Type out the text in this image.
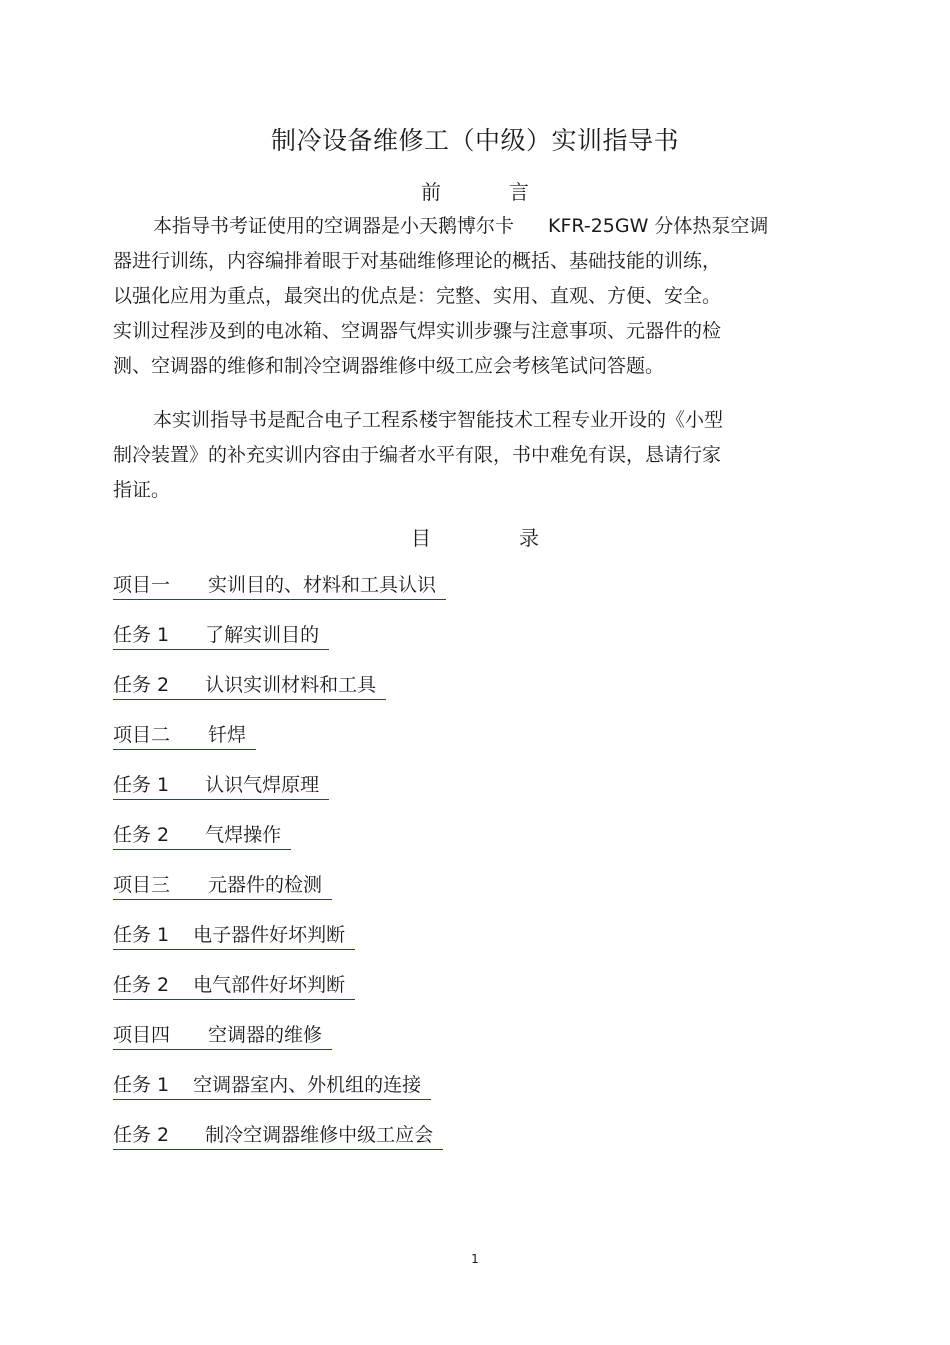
制冷设备维修工（中级）实训指导书
前	言
本指导书考证使用的空调器是小天鹅博尔卡 KFR-25GW 分体热泵空调
器进行训练，内容编排着眼于对基础维修理论的概括、基础技能的训练，
以强化应用为重点，最突出的优点是：完整、实用、直观、方便、安全。
实训过程涉及到的电冰箱、空调器气焊实训步骤与注意事项、元器件的检
测、空调器的维修和制冷空调器维修中级工应会考核笔试问答题。
本实训指导书是配合电子工程系楼宇智能技术工程专业开设的《小型
制冷装置》的补充实训内容由于编者水平有限，书中难免有误，恳请行家
指证。
目	录
项目一 实训目的、材料和工具认识
任务 1 了解实训目的
任务 2 认识实训材料和工具
项目二 钎焊
任务 1 认识气焊原理
任务 2 气焊操作
项目三 元器件的检测
任务 1 电子器件好坏判断
任务 2 电气部件好坏判断
项目四 空调器的维修
任务 1 空调器室内、外机组的连接
任务 2 制冷空调器维修中级工应会
1
